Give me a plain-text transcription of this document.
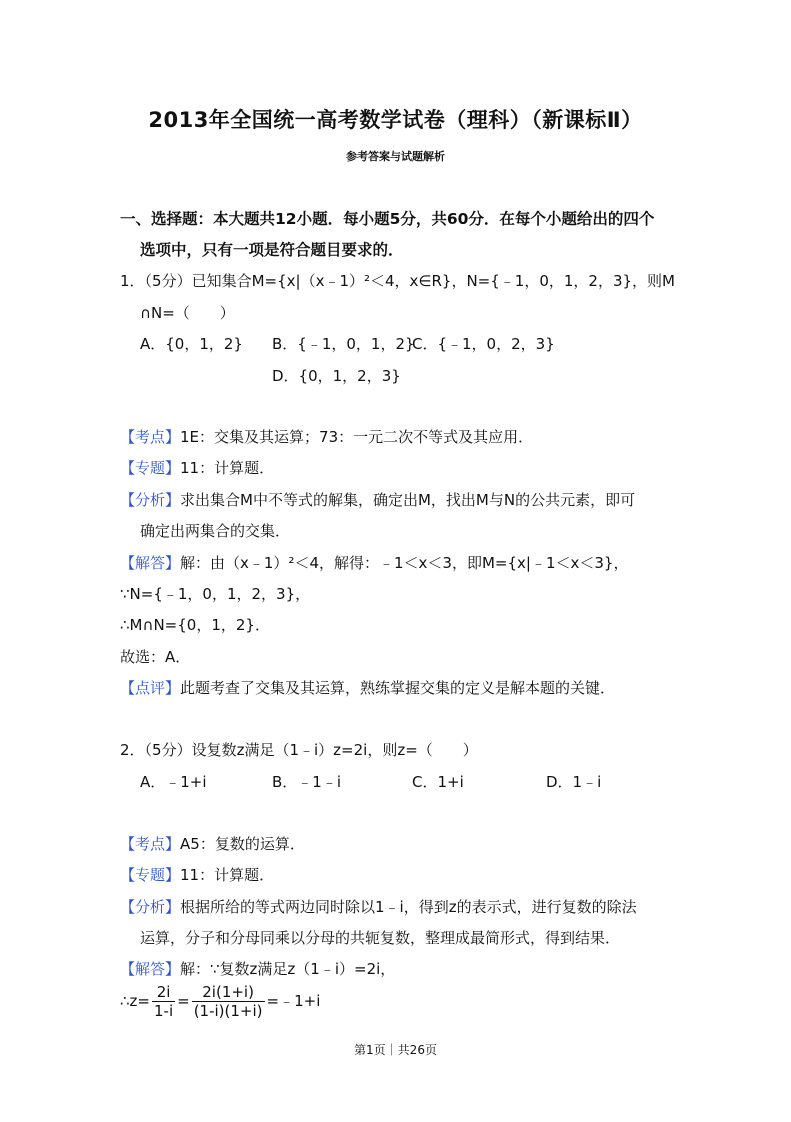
2013年全国统一高考数学试卷（理科）（新课标Ⅱ）
参考答案与试题解析
一、选择题：本大题共12小题．每小题5分，共60分．在每个小题给出的四个
选项中，只有一项是符合题目要求的．
1．（5分）已知集合M={x|（x﹣1）²＜4，x∈R}，N={﹣1，0，1，2，3}，则M
∩N=（　　）
A．{0，1，2} B．{﹣1，0，1，2}
C．{﹣1，0，2，3}
D．{0，1，2，3}
【考点】1E：交集及其运算；73：一元二次不等式及其应用．
【专题】11：计算题．
【分析】求出集合M中不等式的解集，确定出M，找出M与N的公共元素，即可
确定出两集合的交集．
【解答】解：由（x﹣1）²＜4，解得：﹣1＜x＜3，即M={x|﹣1＜x＜3}，
∵N={﹣1，0，1，2，3}，
∴M∩N={0，1，2}．
故选：A．
【点评】此题考查了交集及其运算，熟练掌握交集的定义是解本题的关键．
2．（5分）设复数z满足（1﹣i）z=2i，则z=（　　）
A．﹣1+i	B．﹣1﹣i	C．1+i	D．1﹣i
【考点】A5：复数的运算．
【专题】11：计算题．
【分析】根据所给的等式两边同时除以1﹣i，得到z的表示式，进行复数的除法
运算，分子和分母同乘以分母的共轭复数，整理成最简形式，得到结果．
【解答】解：∵复数z满足z（1﹣i）=2i，
∴z= $\frac{2i}{1-i} = \frac{2i(1+i)}{(1-i)(1+i)}$ =﹣1+i
第1页｜共26页
